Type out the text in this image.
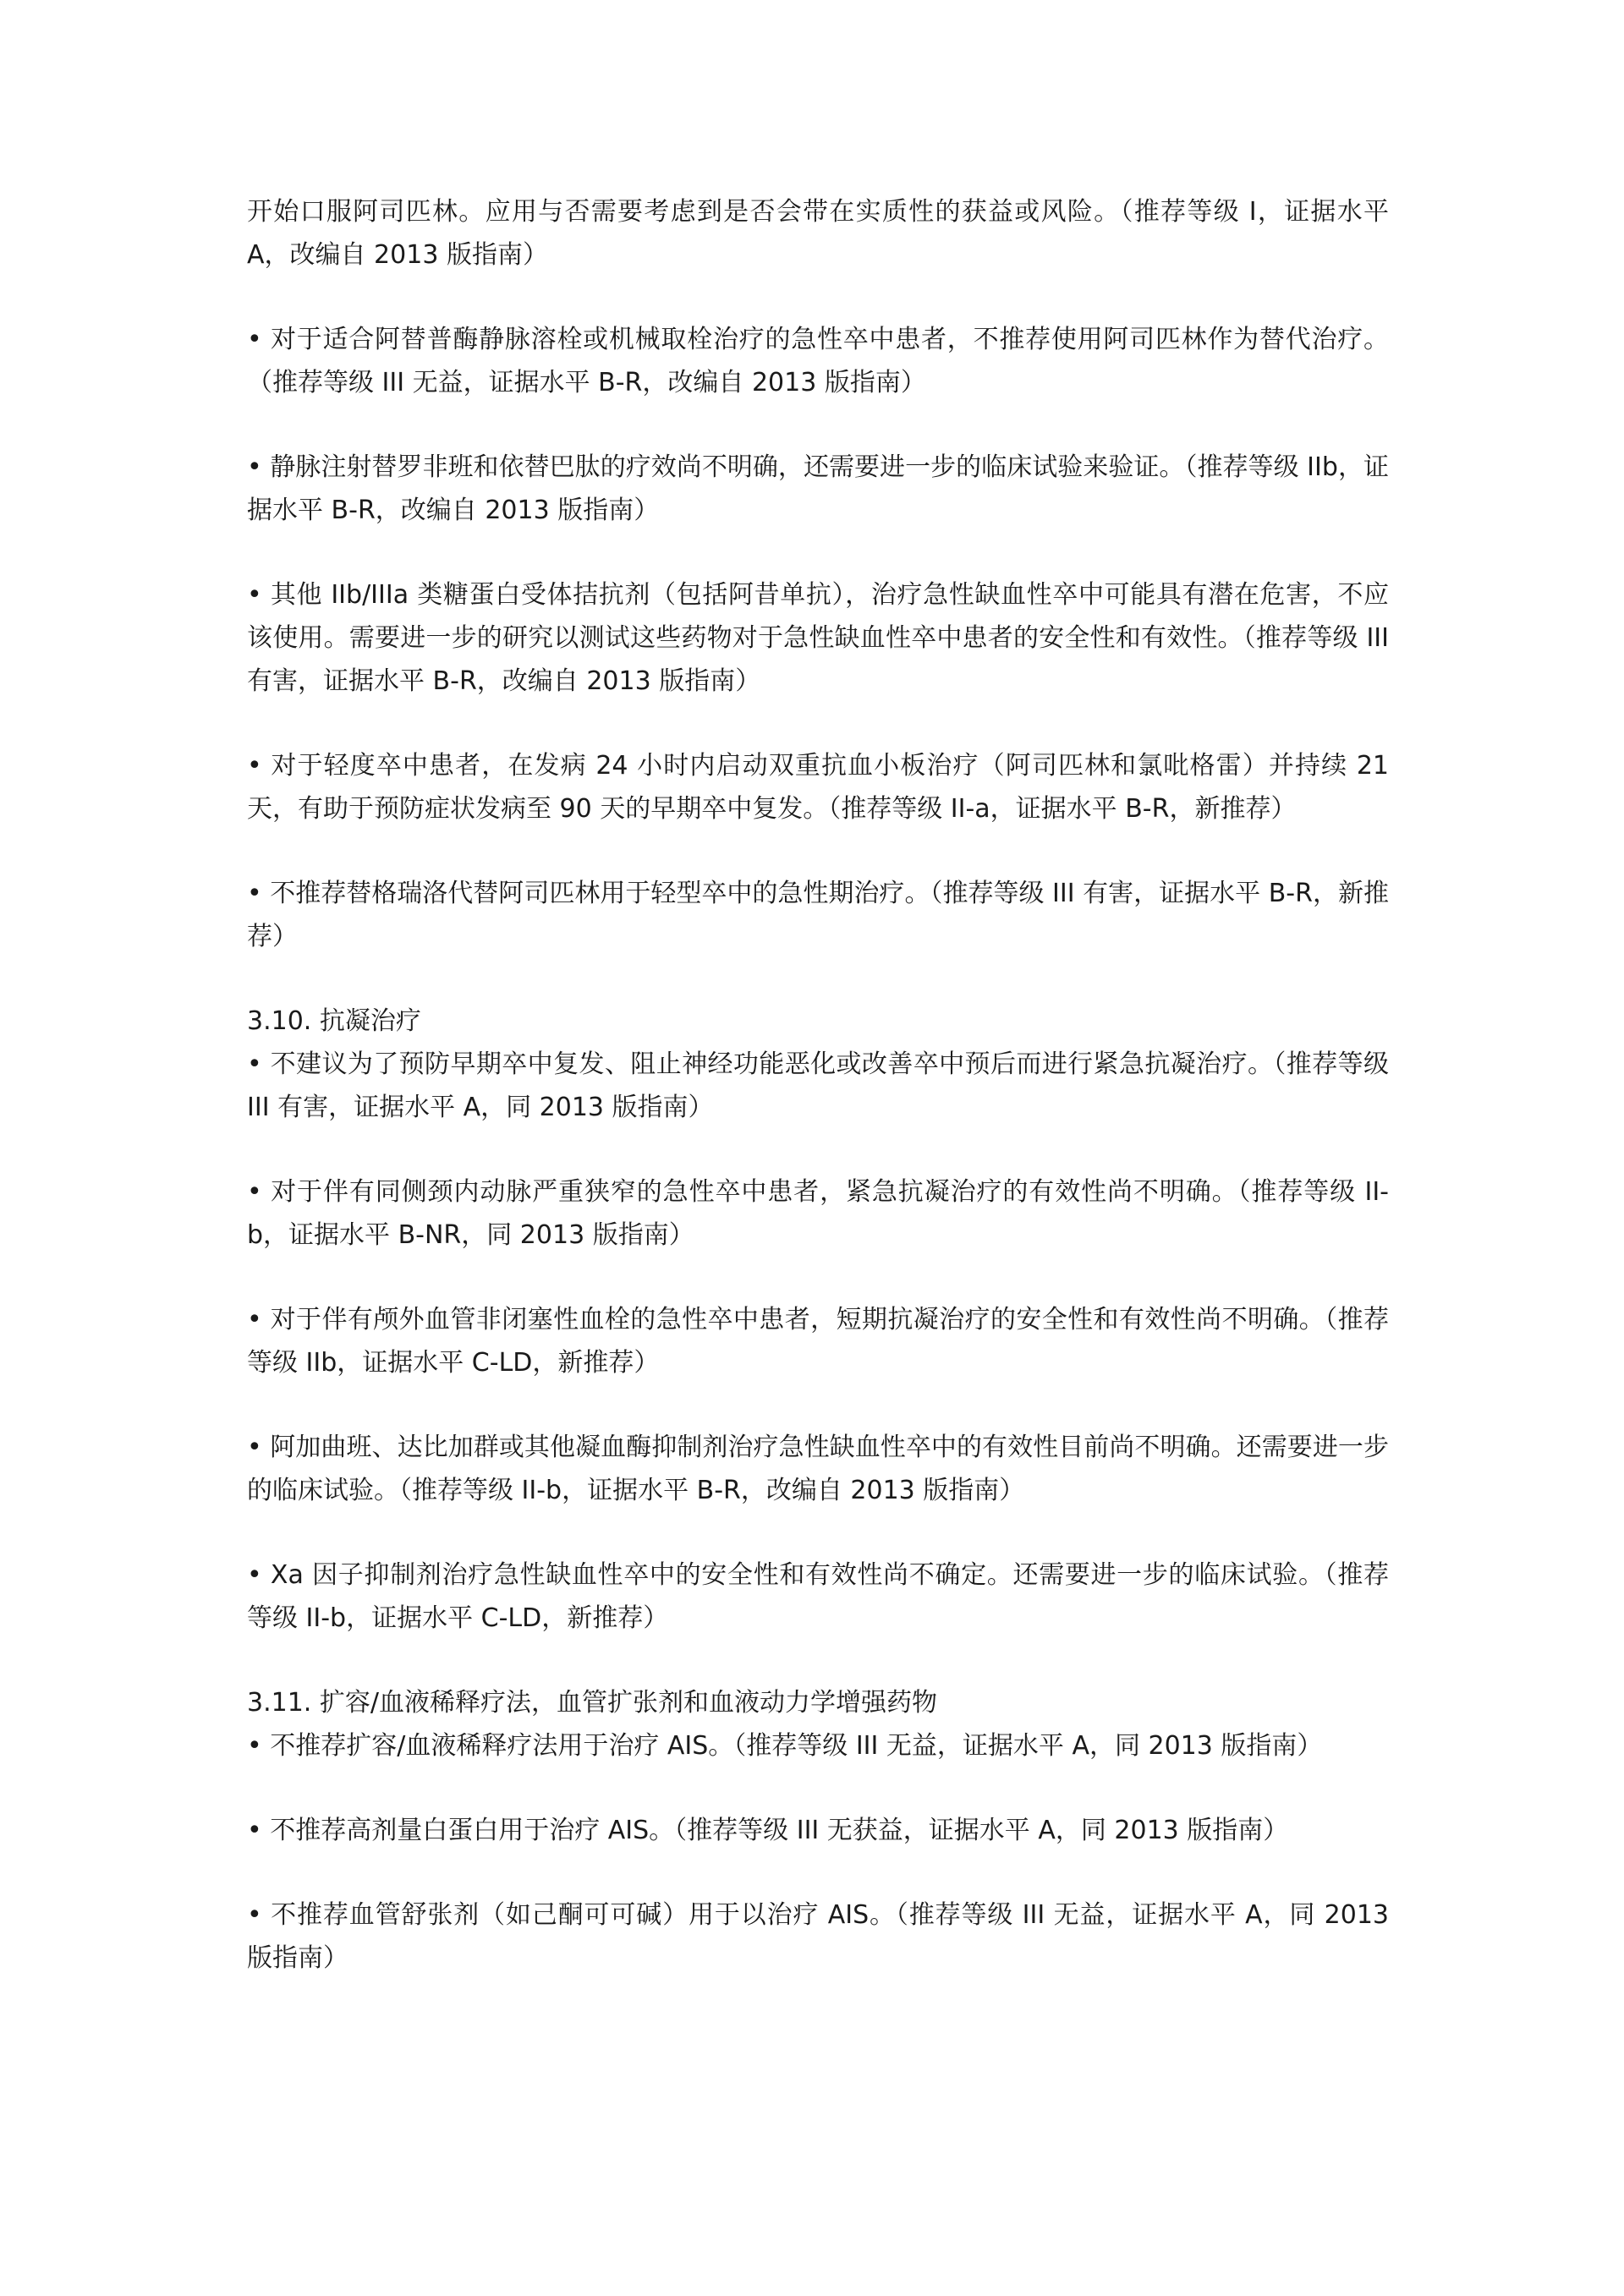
开始口服阿司匹林。应用与否需要考虑到是否会带在实质性的获益或风险。（推荐等级 I，证据水平 A，改编自 2013 版指南）

• 对于适合阿替普酶静脉溶栓或机械取栓治疗的急性卒中患者，不推荐使用阿司匹林作为替代治疗。（推荐等级 III 无益，证据水平 B-R，改编自 2013 版指南）

• 静脉注射替罗非班和依替巴肽的疗效尚不明确，还需要进一步的临床试验来验证。（推荐等级 IIb，证据水平 B-R，改编自 2013 版指南）

• 其他 IIb/IIIa 类糖蛋白受体拮抗剂（包括阿昔单抗），治疗急性缺血性卒中可能具有潜在危害，不应该使用。需要进一步的研究以测试这些药物对于急性缺血性卒中患者的安全性和有效性。（推荐等级 III 有害，证据水平 B-R，改编自 2013 版指南）

• 对于轻度卒中患者，在发病 24 小时内启动双重抗血小板治疗（阿司匹林和氯吡格雷）并持续 21 天，有助于预防症状发病至 90 天的早期卒中复发。（推荐等级 II-a，证据水平 B-R，新推荐）

• 不推荐替格瑞洛代替阿司匹林用于轻型卒中的急性期治疗。（推荐等级 III 有害，证据水平 B-R，新推荐）

3.10. 抗凝治疗

• 不建议为了预防早期卒中复发、阻止神经功能恶化或改善卒中预后而进行紧急抗凝治疗。（推荐等级 III 有害，证据水平 A，同 2013 版指南）

• 对于伴有同侧颈内动脉严重狭窄的急性卒中患者，紧急抗凝治疗的有效性尚不明确。（推荐等级 II-b，证据水平 B-NR，同 2013 版指南）

• 对于伴有颅外血管非闭塞性血栓的急性卒中患者，短期抗凝治疗的安全性和有效性尚不明确。（推荐等级 IIb，证据水平 C-LD，新推荐）

• 阿加曲班、达比加群或其他凝血酶抑制剂治疗急性缺血性卒中的有效性目前尚不明确。还需要进一步的临床试验。（推荐等级 II-b，证据水平 B-R，改编自 2013 版指南）

• Xa 因子抑制剂治疗急性缺血性卒中的安全性和有效性尚不确定。还需要进一步的临床试验。（推荐等级 II-b，证据水平 C-LD，新推荐）

3.11. 扩容/血液稀释疗法，血管扩张剂和血液动力学增强药物

• 不推荐扩容/血液稀释疗法用于治疗 AIS。（推荐等级 III 无益，证据水平 A，同 2013 版指南）

• 不推荐高剂量白蛋白用于治疗 AIS。（推荐等级 III 无获益，证据水平 A，同 2013 版指南）

• 不推荐血管舒张剂（如己酮可可碱）用于以治疗 AIS。（推荐等级 III 无益，证据水平 A，同 2013 版指南）
